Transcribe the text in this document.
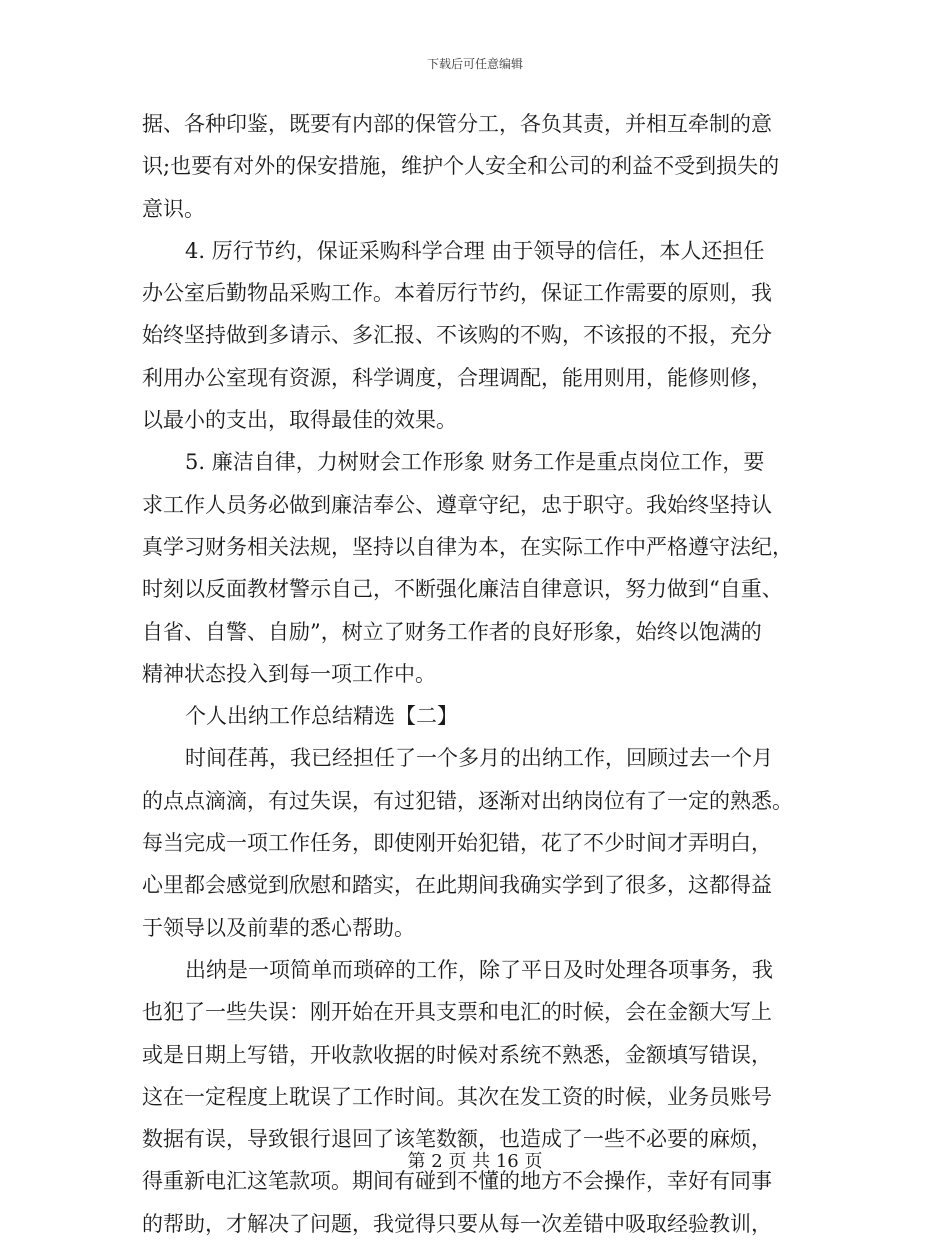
下载后可任意编辑
据、各种印鉴，既要有内部的保管分工，各负其责，并相互牵制的意
识;也要有对外的保安措施，维护个人安全和公司的利益不受到损失的
意识。
4. 厉行节约，保证采购科学合理 由于领导的信任，本人还担任
办公室后勤物品采购工作。本着厉行节约，保证工作需要的原则，我
始终坚持做到多请示、多汇报、不该购的不购，不该报的不报，充分
利用办公室现有资源，科学调度，合理调配，能用则用，能修则修，
以最小的支出，取得最佳的效果。
5. 廉洁自律，力树财会工作形象 财务工作是重点岗位工作，要
求工作人员务必做到廉洁奉公、遵章守纪，忠于职守。我始终坚持认
真学习财务相关法规，坚持以自律为本，在实际工作中严格遵守法纪，
时刻以反面教材警示自己，不断强化廉洁自律意识，努力做到“自重、
自省、自警、自励”，树立了财务工作者的良好形象，始终以饱满的
精神状态投入到每一项工作中。
个人出纳工作总结精选【二】
时间荏苒，我已经担任了一个多月的出纳工作，回顾过去一个月
的点点滴滴，有过失误，有过犯错，逐渐对出纳岗位有了一定的熟悉。
每当完成一项工作任务，即使刚开始犯错，花了不少时间才弄明白，
心里都会感觉到欣慰和踏实，在此期间我确实学到了很多，这都得益
于领导以及前辈的悉心帮助。
出纳是一项简单而琐碎的工作，除了平日及时处理各项事务，我
也犯了一些失误：刚开始在开具支票和电汇的时候，会在金额大写上
或是日期上写错，开收款收据的时候对系统不熟悉，金额填写错误，
这在一定程度上耽误了工作时间。其次在发工资的时候，业务员账号
数据有误，导致银行退回了该笔数额，也造成了一些不必要的麻烦，
得重新电汇这笔款项。期间有碰到不懂的地方不会操作，幸好有同事
的帮助，才解决了问题，我觉得只要从每一次差错中吸取经验教训，
第 2 页 共 16 页
